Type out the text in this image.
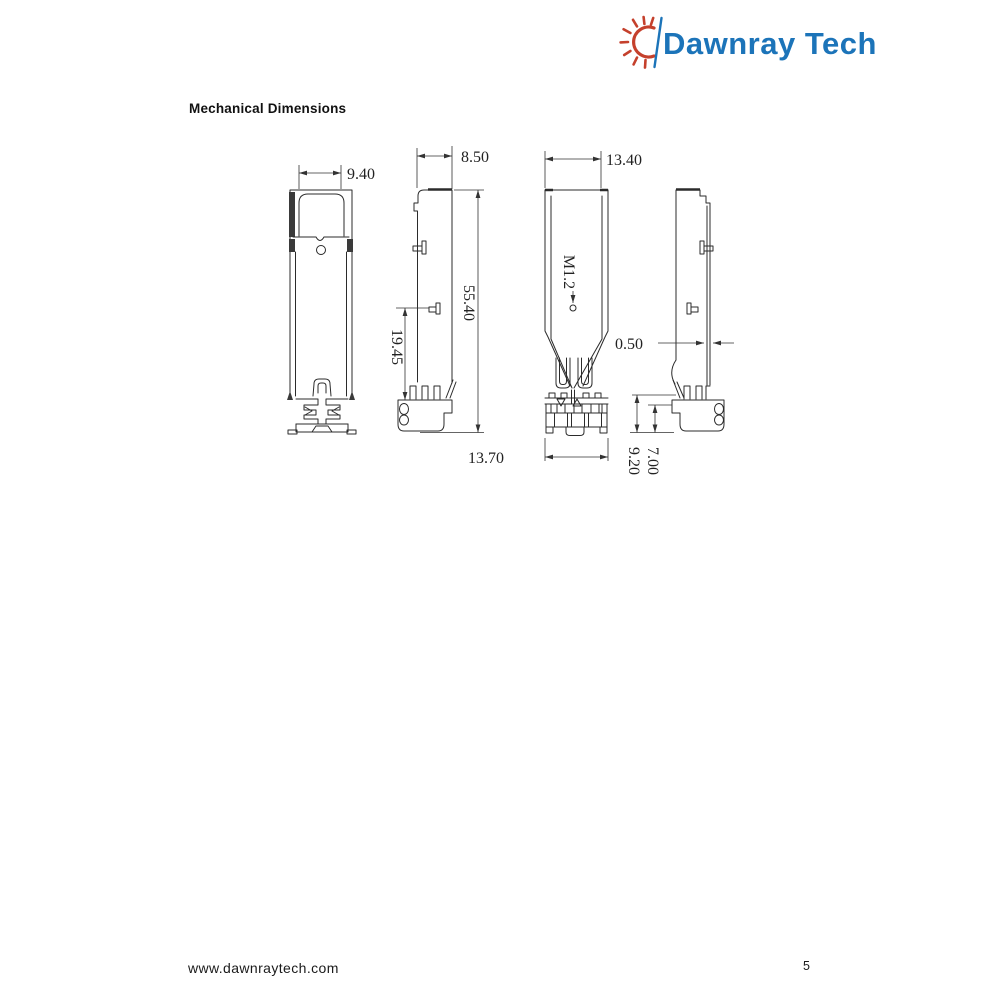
Dawnray Tech
Mechanical Dimensions
9.40
8.50
55.40
19.45
M1.2
13.40
13.70
0.50
9.20 7.00
www.dawnraytech.com	5
